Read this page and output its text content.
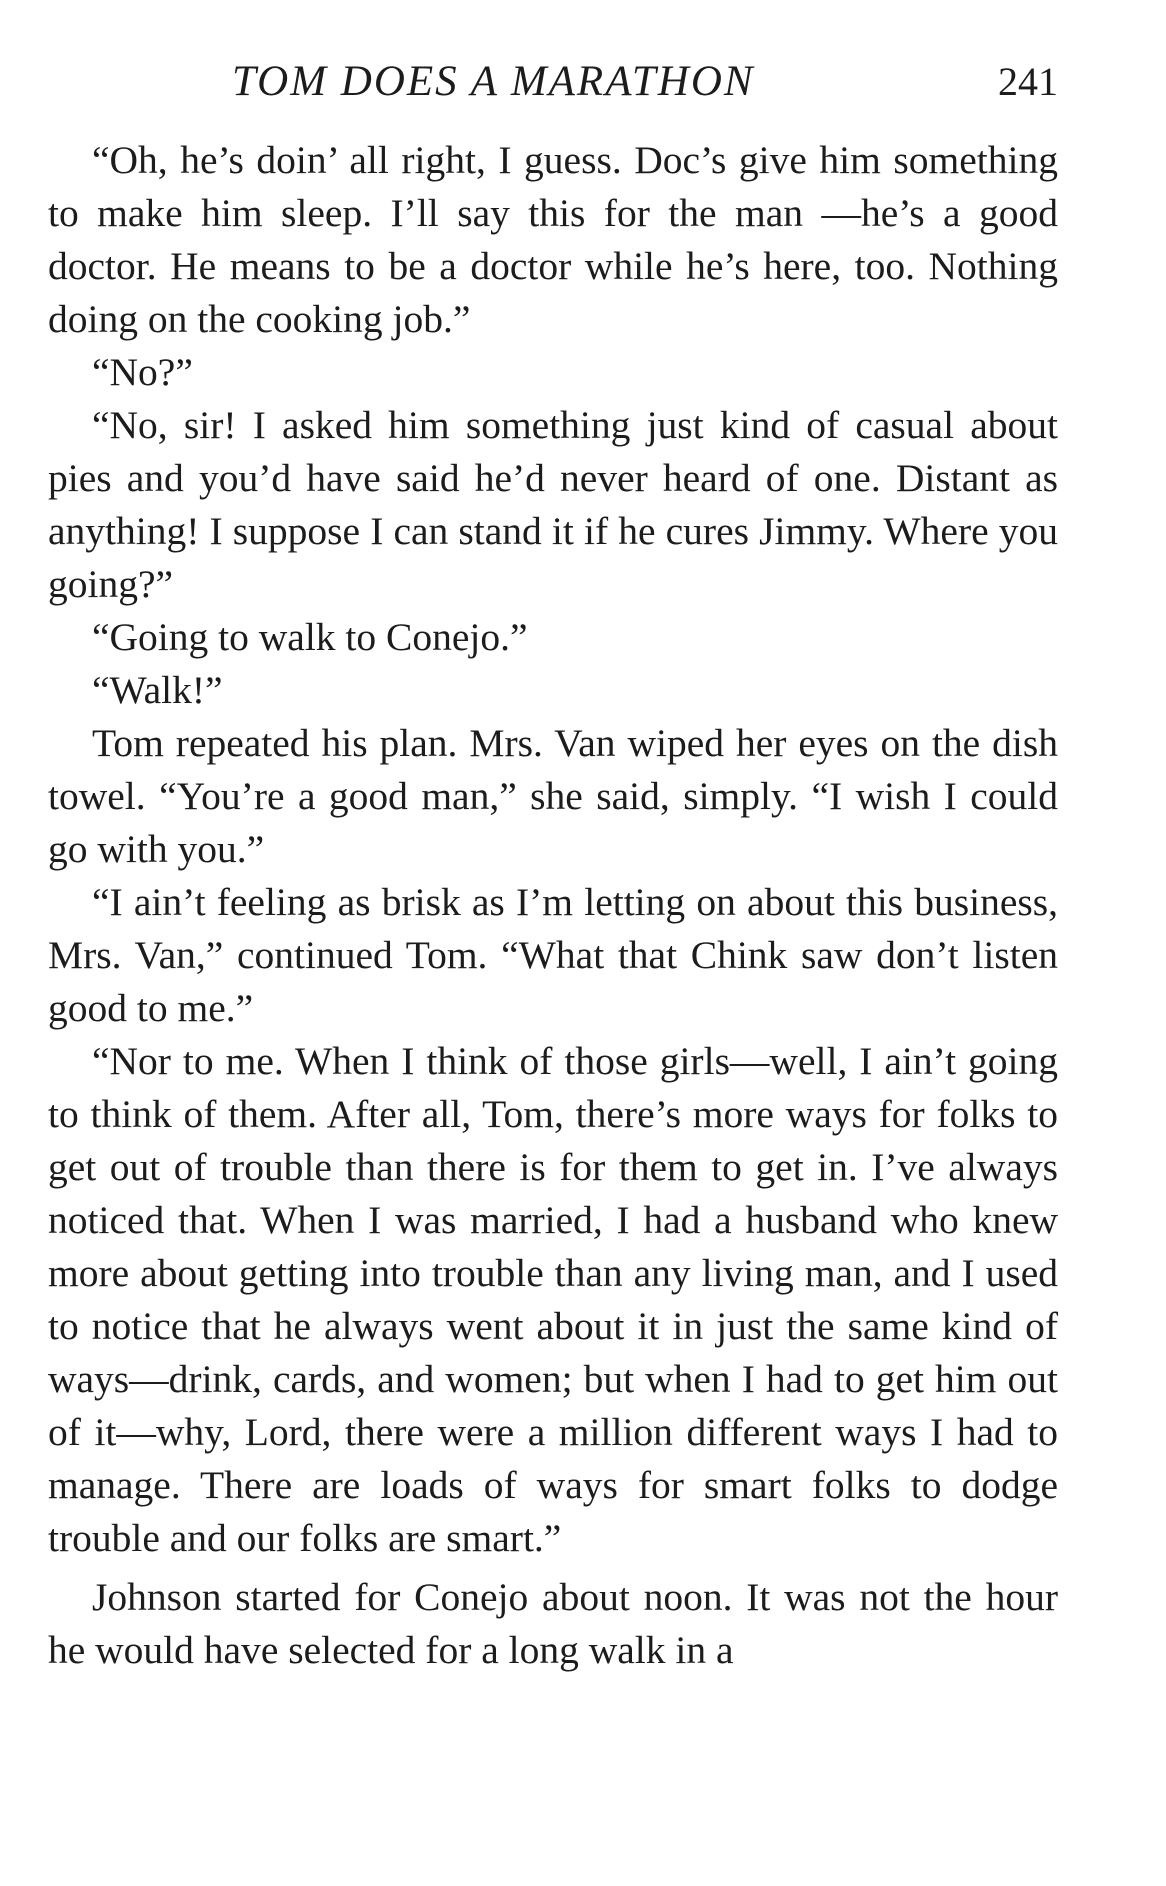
TOM DOES A MARATHON	241

“Oh, he’s doin’ all right, I guess. Doc’s give him something to make him sleep. I’ll say this for the man —he’s a good doctor. He means to be a doctor while he’s here, too. Nothing doing on the cooking job.”

“No?”

“No, sir! I asked him something just kind of casual about pies and you’d have said he’d never heard of one. Distant as anything! I suppose I can stand it if he cures Jimmy. Where you going?”

“Going to walk to Conejo.”

“Walk!”

Tom repeated his plan. Mrs. Van wiped her eyes on the dish towel. “You’re a good man,” she said, simply. “I wish I could go with you.”

“I ain’t feeling as brisk as I’m letting on about this business, Mrs. Van,” continued Tom. “What that Chink saw don’t listen good to me.”

“Nor to me. When I think of those girls—well, I ain’t going to think of them. After all, Tom, there’s more ways for folks to get out of trouble than there is for them to get in. I’ve always noticed that. When I was married, I had a husband who knew more about getting into trouble than any living man, and I used to notice that he always went about it in just the same kind of ways—drink, cards, and women; but when I had to get him out of it—why, Lord, there were a million different ways I had to manage. There are loads of ways for smart folks to dodge trouble and our folks are smart.”

Johnson started for Conejo about noon. It was not the hour he would have selected for a long walk in a
